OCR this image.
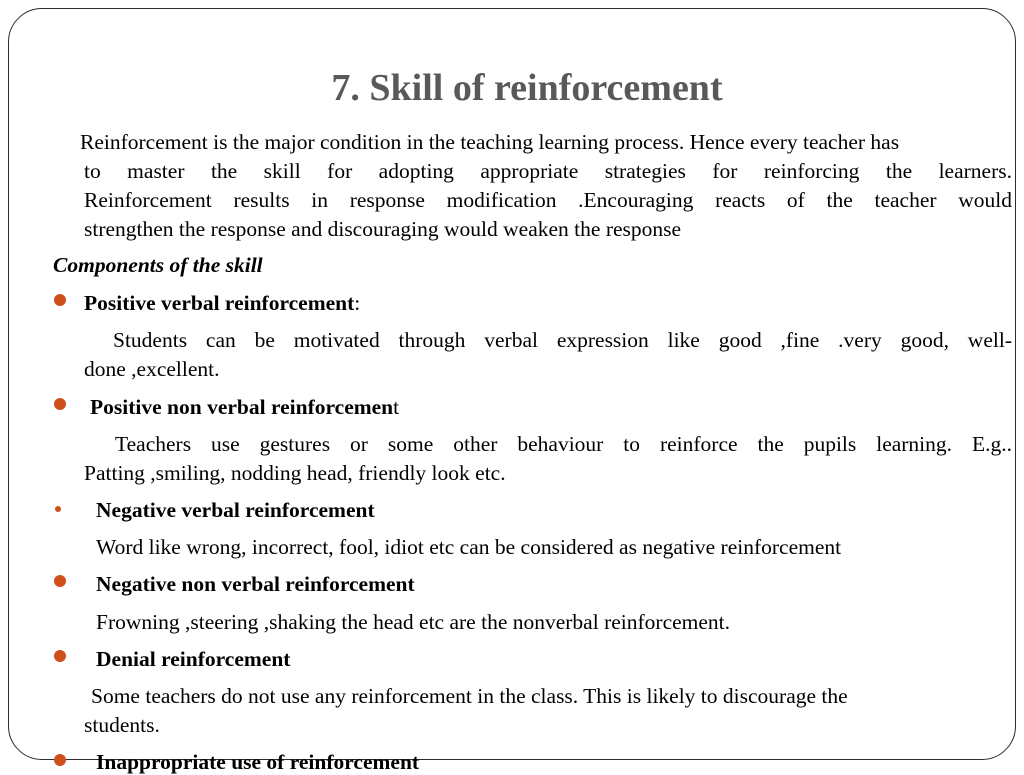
7. Skill of reinforcement
Reinforcement is the major condition in the teaching learning process. Hence every teacher has
to master the skill for adopting appropriate strategies for reinforcing the learners.
Reinforcement results in response modification .Encouraging reacts of the teacher would
strengthen the response and discouraging would weaken the response
Components of the skill
Positive verbal reinforcement:
Students can be motivated through verbal expression like good ,fine .very good, well-
done ,excellent.
Positive non verbal reinforcement
Teachers use gestures or some other behaviour to reinforce the pupils learning. E.g..
Patting ,smiling, nodding head, friendly look etc.
Negative verbal reinforcement
Word like wrong, incorrect, fool, idiot etc can be considered as negative reinforcement
Negative non verbal reinforcement
Frowning ,steering ,shaking the head etc are the nonverbal reinforcement.
Denial reinforcement
Some teachers do not use any reinforcement in the class. This is likely to discourage the
students.
Inappropriate use of reinforcement
